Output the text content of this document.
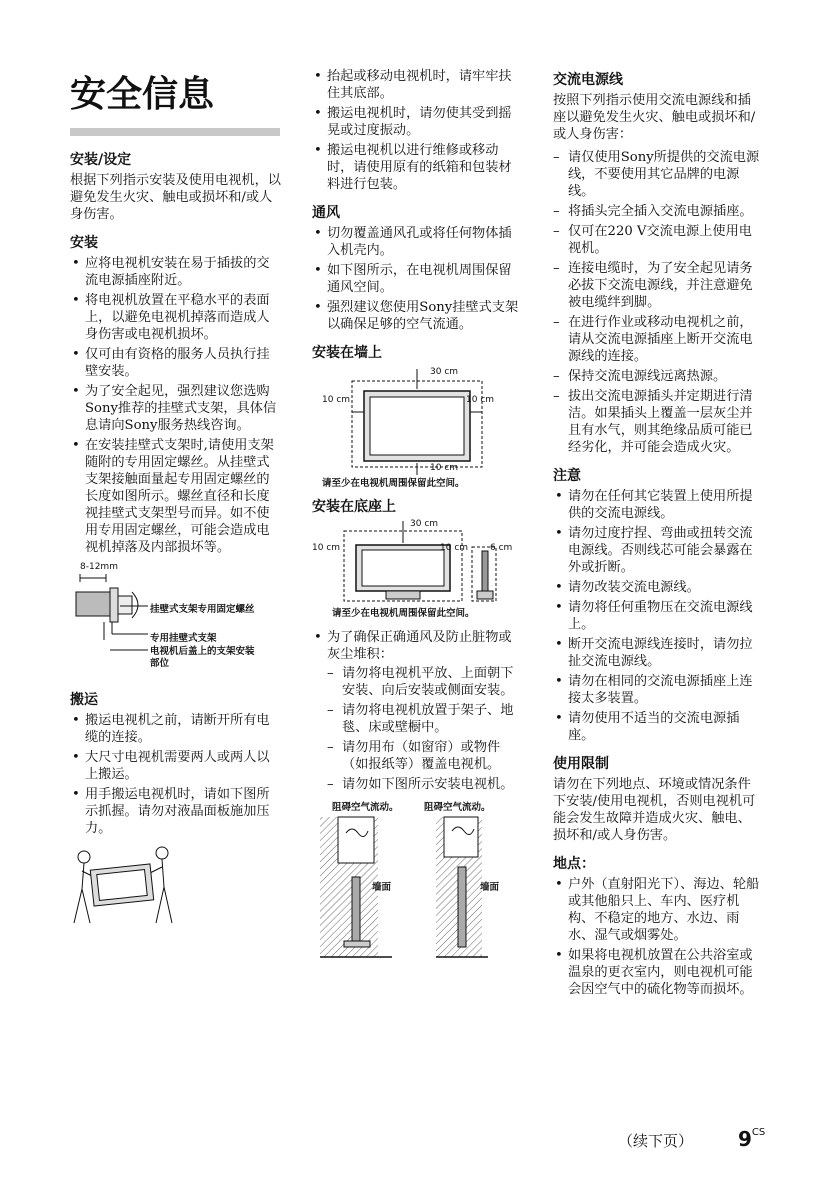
安全信息
安装/设定

根据下列指示安装及使用电视机，以避免发生火灾、触电或损坏和/或人身伤害。

安装
• 应将电视机安装在易于插拔的交流电源插座附近。
• 将电视机放置在平稳水平的表面上，以避免电视机掉落而造成人身伤害或电视机损坏。
• 仅可由有资格的服务人员执行挂壁安装。
• 为了安全起见，强烈建议您选购Sony推荐的挂壁式支架，具体信息请向Sony服务热线咨询。
• 在安装挂壁式支架时,请使用支架随附的专用固定螺丝。从挂壁式支架接触面量起专用固定螺丝的长度如图所示。螺丝直径和长度视挂壁式支架型号而异。如不使用专用固定螺丝，可能会造成电视机掉落及内部损坏等。
8-12mm
挂壁式支架专用固定螺丝
专用挂壁式支架
电视机后盖上的支架安装部位
搬运
• 搬运电视机之前，请断开所有电缆的连接。
• 大尺寸电视机需要两人或两人以上搬运。
• 用手搬运电视机时，请如下图所示抓握。请勿对液晶面板施加压力。
• 抬起或移动电视机时，请牢牢扶住其底部。
• 搬运电视机时，请勿使其受到摇晃或过度振动。
• 搬运电视机以进行维修或移动时，请使用原有的纸箱和包装材料进行包装。
通风
• 切勿覆盖通风孔或将任何物体插入机壳内。
• 如下图所示，在电视机周围保留通风空间。
• 强烈建议您使用Sony挂壁式支架以确保足够的空气流通。
安装在墙上
30 cm
10 cm	10 cm
10 cm
请至少在电视机周围保留此空间。
安装在底座上
30 cm
10 cm	10 cm 6 cm
请至少在电视机周围保留此空间。
• 为了确保正确通风及防止脏物或灰尘堆积：
– 请勿将电视机平放、上面朝下安装、向后安装或侧面安装。
– 请勿将电视机放置于架子、地毯、床或壁橱中。
– 请勿用布（如窗帘）或物件（如报纸等）覆盖电视机。
– 请勿如下图所示安装电视机。
阻碍空气流动。	阻碍空气流动。
墙面	墙面
交流电源线

按照下列指示使用交流电源线和插座以避免发生火灾、触电或损坏和/或人身伤害：

– 请仅使用Sony所提供的交流电源线，不要使用其它品牌的电源线。
– 将插头完全插入交流电源插座。
– 仅可在220 V交流电源上使用电视机。
– 连接电缆时，为了安全起见请务必拔下交流电源线，并注意避免被电缆绊到脚。
– 在进行作业或移动电视机之前，请从交流电源插座上断开交流电源线的连接。
– 保持交流电源线远离热源。
– 拔出交流电源插头并定期进行清洁。如果插头上覆盖一层灰尘并且有水气，则其绝缘品质可能已经劣化，并可能会造成火灾。
注意
• 请勿在任何其它装置上使用所提供的交流电源线。
• 请勿过度拧捏、弯曲或扭转交流电源线。否则线芯可能会暴露在外或折断。
• 请勿改装交流电源线。
• 请勿将任何重物压在交流电源线上。
• 断开交流电源线连接时，请勿拉扯交流电源线。
• 请勿在相同的交流电源插座上连接太多装置。
• 请勿使用不适当的交流电源插座。
使用限制

请勿在下列地点、环境或情况条件下安装/使用电视机，否则电视机可能会发生故障并造成火灾、触电、损坏和/或人身伤害。

地点：
• 户外（直射阳光下）、海边、轮船或其他船只上、车内、医疗机构、不稳定的地方、水边、雨水、湿气或烟雾处。
• 如果将电视机放置在公共浴室或温泉的更衣室内，则电视机可能会因空气中的硫化物等而损坏。
（续下页） $9^{CS}$
